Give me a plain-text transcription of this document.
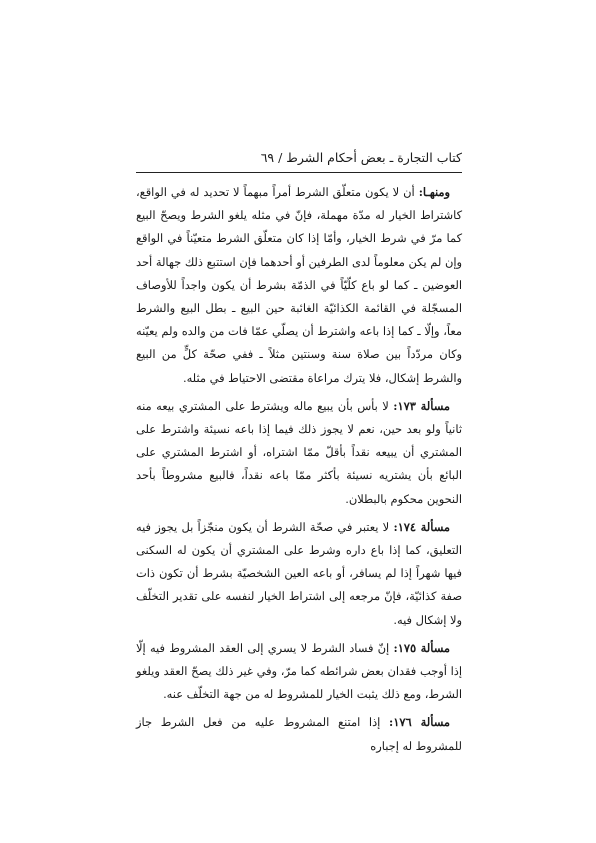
كتاب التجارة ـ بعض أحكام الشرط / ٦٩

ومنهـا: أن لا يكون متعلّق الشرط أمراً مبهماً لا تحديد له في الواقع، كاشتراط الخيار له مدّة مهملة، فإنّ في مثله يلغو الشرط ويصحّ البيع كما مرّ في شرط الخيار، وأمّا إذا كان متعلّق الشرط متعيّناً في الواقع وإن لم يكن معلوماً لدى الطرفين أو أحدهما فإن استتبع ذلك جهالة أحد العوضين ـ كما لو باع كلّيّاً في الذمّة بشرط أن يكون واجداً للأوصاف المسجّلة في القائمة الكذائيّة الغائبة حين البيع ـ بطل البيع والشرط معاً، وإلّا ـ كما إذا باعه واشترط أن يصلّي عمّا فات من والده ولم يعيّنه وكان مردّداً بين صلاة سنة وسنتين مثلاً ـ ففي صحّة كلٍّ من البيع والشرط إشكال، فلا يترك مراعاة مقتضى الاحتياط في مثله.

مسألة ١٧٣: لا بأس بأن يبيع ماله ويشترط على المشتري بيعه منه ثانياً ولو بعد حين، نعم لا يجوز ذلك فيما إذا باعه نسيئة واشترط على المشتري أن يبيعه نقداً بأقلّ ممّا اشتراه، أو اشترط المشتري على البائع بأن يشتريه نسيئة بأكثر ممّا باعه نقداً، فالبيع مشروطاً بأحد النحوين محكوم بالبطلان.

مسألة ١٧٤: لا يعتبر في صحّة الشرط أن يكون منجّزاً بل يجوز فيه التعليق، كما إذا باع داره وشرط على المشتري أن يكون له السكنى فيها شهراً إذا لم يسافر، أو باعه العين الشخصيّة بشرط أن تكون ذات صفة كذائيّة، فإنّ مرجعه إلى اشتراط الخيار لنفسه على تقدير التخلّف ولا إشكال فيه.

مسألة ١٧٥: إنّ فساد الشرط لا يسري إلى العقد المشروط فيه إلّا إذا أوجب فقدان بعض شرائطه كما مرّ، وفي غير ذلك يصحّ العقد ويلغو الشرط، ومع ذلك يثبت الخيار للمشروط له من جهة التخلّف عنه.

مسألة ١٧٦: إذا امتنع المشروط عليه من فعل الشرط جاز للمشروط له إجباره
